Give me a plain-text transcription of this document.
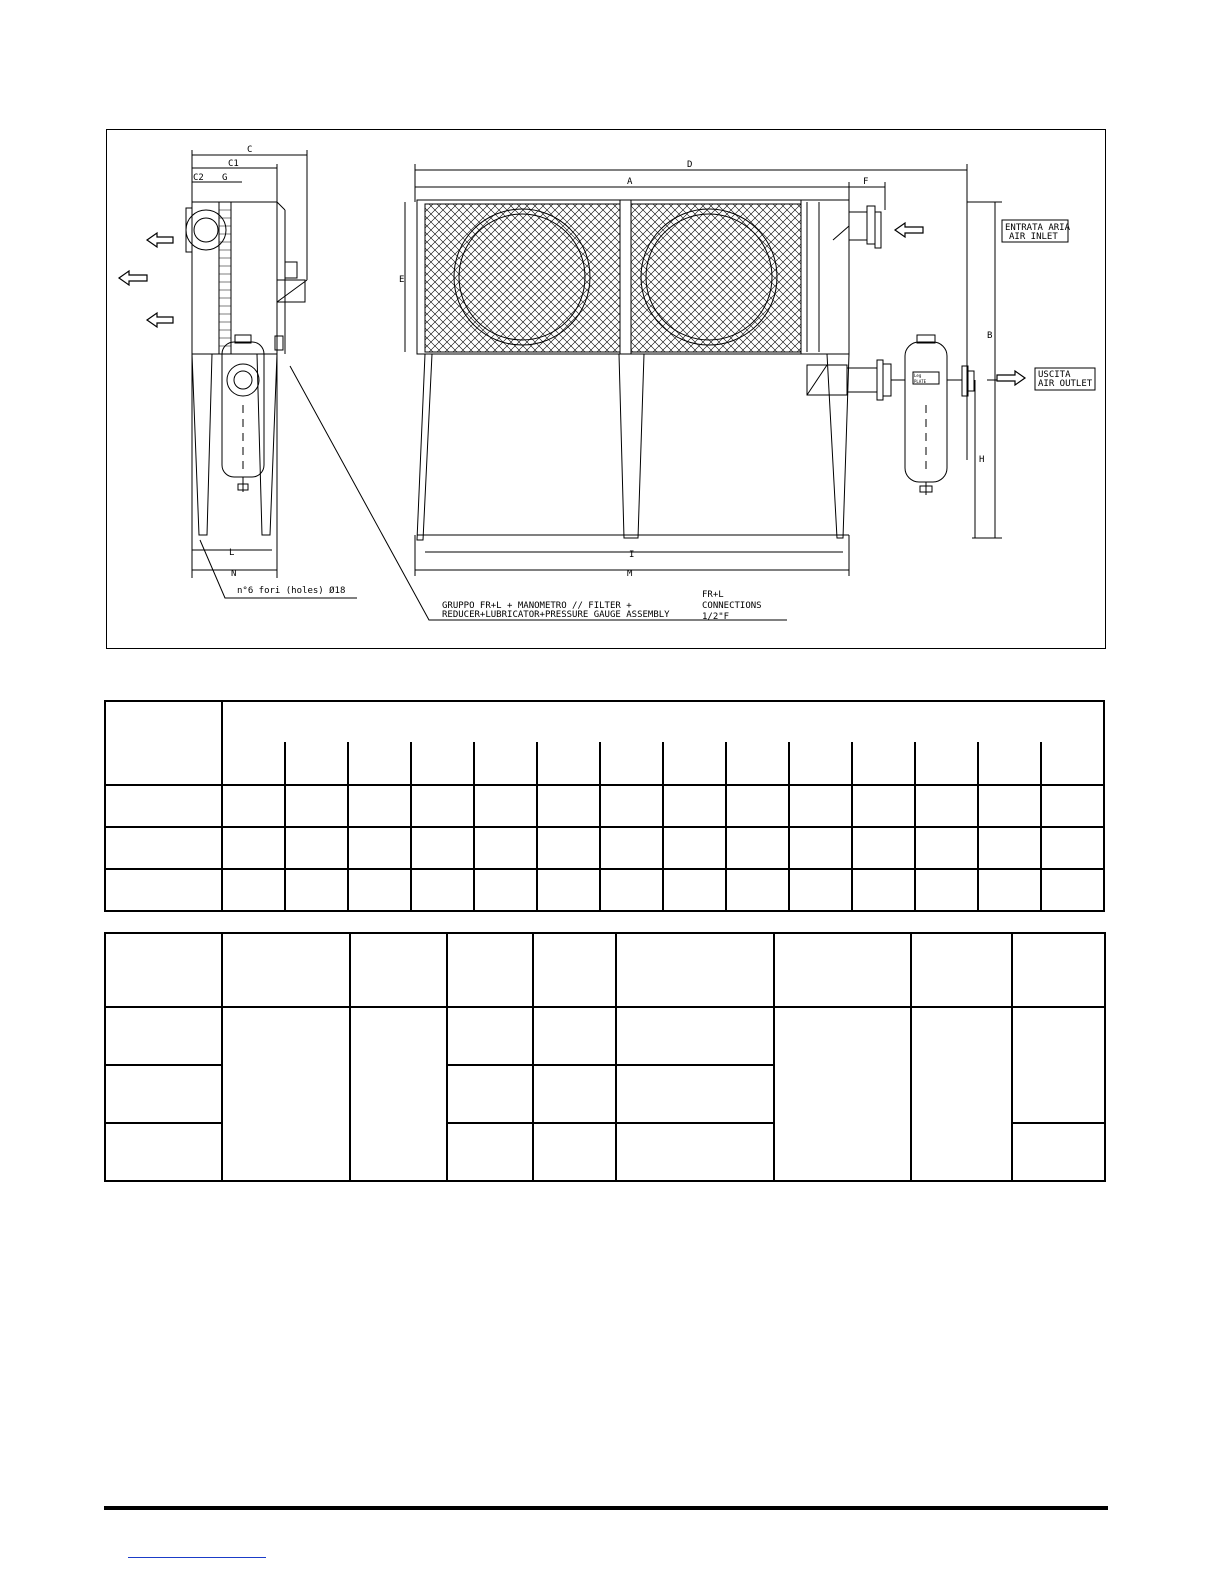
C
C1
C2 G
D
A	F
E
B
H
L
N
I
M
ENTRATA ARIA
AIR INLET
USCITA
AIR OUTLET
n°6 fori (holes) Ø18
GRUPPO FR+L + MANOMETRO // FILTER +
REDUCER+LUBRICATOR+PRESSURE GAUGE ASSEMBLY
FR+L
CONNECTIONS
1/2"F
Leg
PLATE
